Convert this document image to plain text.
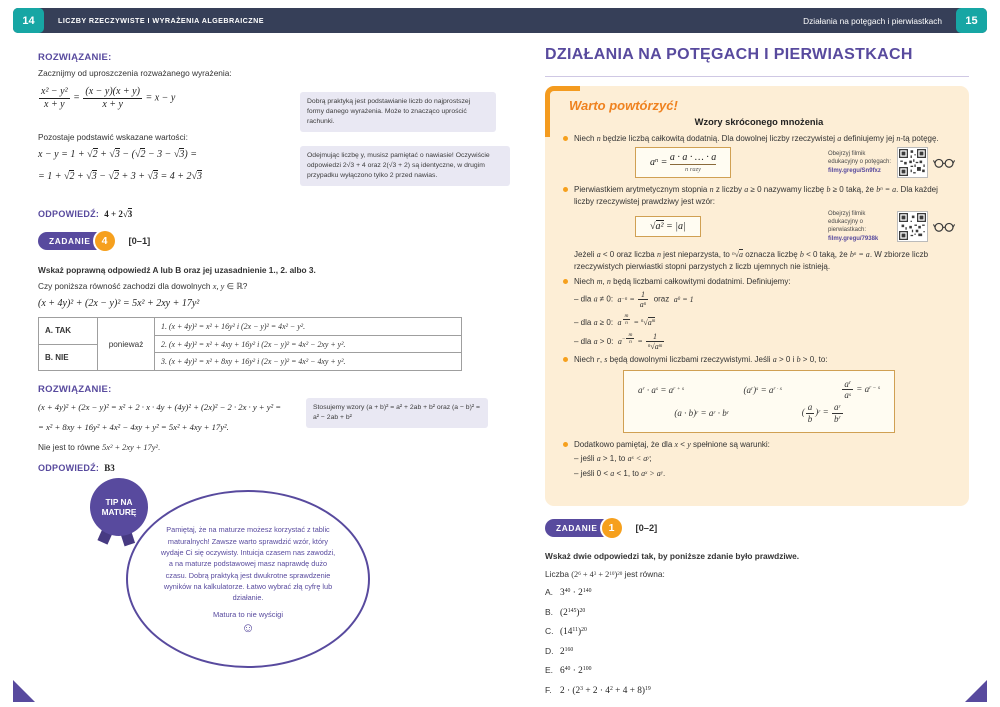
14	LICZBY RZECZYWISTE I WYRAŻENIA ALGEBRAICZNE	Działania na potęgach i pierwiastkach	15
ROZWIĄZANIE:
Zacznijmy od uproszczenia rozważanego wyrażenia:
$\frac{\text{x² − y²}}{x + y} = \frac{(x - y)(x + y)}{x + y} = x - y$	Dobrą praktyką jest podstawianie liczb do najprostszej formy danego wyrażenia. Może to znacząco uprościć rachunki.
Pozostaje podstawić wskazane wartości:
x − y = 1 + √2 + √3 − (√2 − 3 − √3) =
= 1 + √2 + √3 − √2 + 3 + √3 = 4 + 2√3
Odejmując liczbę y, musisz pamiętać o nawiasie! Oczywiście odpowiedzi 2√3 + 4 oraz 2(√3 + 2) są identyczne, w drugim przypadku wyłączono tylko 2 przed nawias.
ODPOWIEDŹ: 4 + 2√3
ZADANIE	4	[0–1]
Wskaż poprawną odpowiedź A lub B oraz jej uzasadnienie 1., 2. albo 3.
Czy poniższa równość zachodzi dla dowolnych x, y ∈ ℝ?
(x + 4y)² + (2x − y)² = 5x² + 2xy + 17y²
A. TAK
B. NIE
ponieważ
1. (x + 4y)² = x² + 16y² i (2x − y)² = 4x² − y².
2. (x + 4y)² = x² + 4xy + 16y² i (2x − y)² = 4x² − 2xy + y².
3. (x + 4y)² = x² + 8xy + 16y² i (2x − y)² = 4x² − 4xy + y².
ROZWIĄZANIE:
(x + 4y)² + (2x − y)² = x² + 2 · x · 4y + (4y)² + (2x)² − 2 · 2x · y + y² =
= x² + 8xy + 16y² + 4x² − 4xy + y² = 5x² + 4xy + 17y².
Stosujemy wzory (a + b)² = a² + 2ab + b² oraz (a − b)² = a² − 2ab + b²
Nie jest to równe 5x² + 2xy + 17y².
ODPOWIEDŹ: B3
TIP NA MATURĘ
Pamiętaj, że na maturze możesz korzystać z tablic maturalnych! Zawsze warto sprawdzić wzór, który wydaje Ci się oczywisty. Intuicja czasem nas zawodzi, a na maturze podstawowej masz naprawdę dużo czasu. Dobrą praktyką jest dwukrotne sprawdzenie wyników na kalkulatorze. Łatwo wybrać złą cyfrę lub działanie.
Matura to nie wyścigi
☺
DZIAŁANIA NA POTĘGACH I PIERWIASTKACH
Warto powtórzyć!
Wzory skróconego mnożenia
Niech n będzie liczbą całkowitą dodatnią. Dla dowolnej liczby rzeczywistej a definiujemy jej n-tą potęgę.
$a^n = a \cdot a$ · … · a
n razy
Obejrzyj filmik edukacyjny o potęgach:
filmy.gregu/Sn9fxz
Pierwiastkiem arytmetycznym stopnia n z liczby a ≥ 0 nazywamy liczbę b ≥ 0 taką, że $b^n = a$. Dla każdej liczby rzeczywistej prawdziwy jest wzór:
√a² = |a|
Obejrzyj filmik edukacyjny o pierwiastkach:
filmy.gregu/7938k
Jeżeli a < 0 oraz liczba n jest nieparzysta, to $^n$√a oznacza liczbę b < 0 taką, że $b^n = a$. W zbiorze liczb rzeczywistych pierwiastki stopni parzystych z liczb ujemnych nie istnieją.
Niech m, n będą liczbami całkowitymi dodatnimi. Definiujemy:
– dla a ≠ 0:  $a^{-n} = \frac{1}{a^n}$ oraz  $a^0 = 1$
– dla a ≥ 0:  a $\frac{m}{n} = ^n√a^m$
– dla a > 0:  $a- \frac{m}{n} = \frac{1}{^n√a^m}$
Niech r, s będą dowolnymi liczbami rzeczywistymi. Jeśli a > 0 i b > 0, to:
$a^r \cdot a^s = a^{r + s}$	$(a^r)^s = a^{r \cdot s}$	$\frac{a^r}{a^s} = a^{r - s}$
$(a \cdot b)^r = a^r \cdot b^r$	( $\frac{a}{b} )^r = \frac{a^r}{b^r}$
Dodatkowo pamiętaj, że dla x < y spełnione są warunki:
– jeśli a > 1, to $a^x < a^y$;
– jeśli 0 < a < 1, to $a^x > a^y$.
ZADANIE	1	[0–2]
Wskaż dwie odpowiedzi tak, by poniższe zdanie było prawdziwe.
Liczba $(2^6 + 4^3 + 2^{10})^{20}$ jest równa:
A. $3^{40} \cdot 2^{140}$
B. $(2^{145})^{20}$
C. $(14^{11})^{20}$
D. $2^{160}$
E. $6^{40} \cdot 2^{100}$
F. $2 \cdot (2^3 + 2 \cdot 4^2 + 4 + 8)^{19}$
